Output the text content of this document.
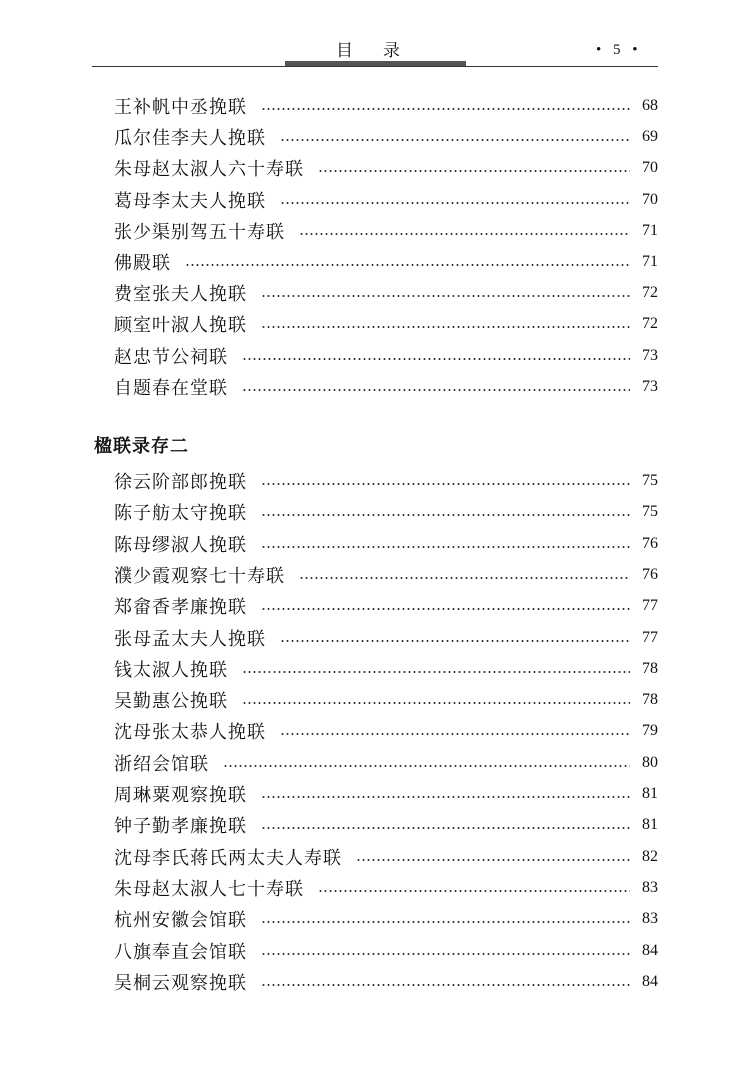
目 录	• 5 •
王补帆中丞挽联	68
瓜尔佳李夫人挽联	69
朱母赵太淑人六十寿联	70
葛母李太夫人挽联	70
张少渠别驾五十寿联	71
佛殿联	71
费室张夫人挽联	72
顾室叶淑人挽联	72
赵忠节公祠联	73
自题春在堂联	73
徐云阶部郎挽联	75
陈子舫太守挽联	75
陈母缪淑人挽联	76
濮少霞观察七十寿联	76
郑畲香孝廉挽联	77
张母孟太夫人挽联	77
钱太淑人挽联	78
吴勤惠公挽联	78
沈母张太恭人挽联	79
浙绍会馆联	80
周琳粟观察挽联	81
钟子勤孝廉挽联	81
沈母李氏蒋氏两太夫人寿联	82
朱母赵太淑人七十寿联	83
杭州安徽会馆联	83
八旗奉直会馆联	84
吴桐云观察挽联	84
楹联录存二
